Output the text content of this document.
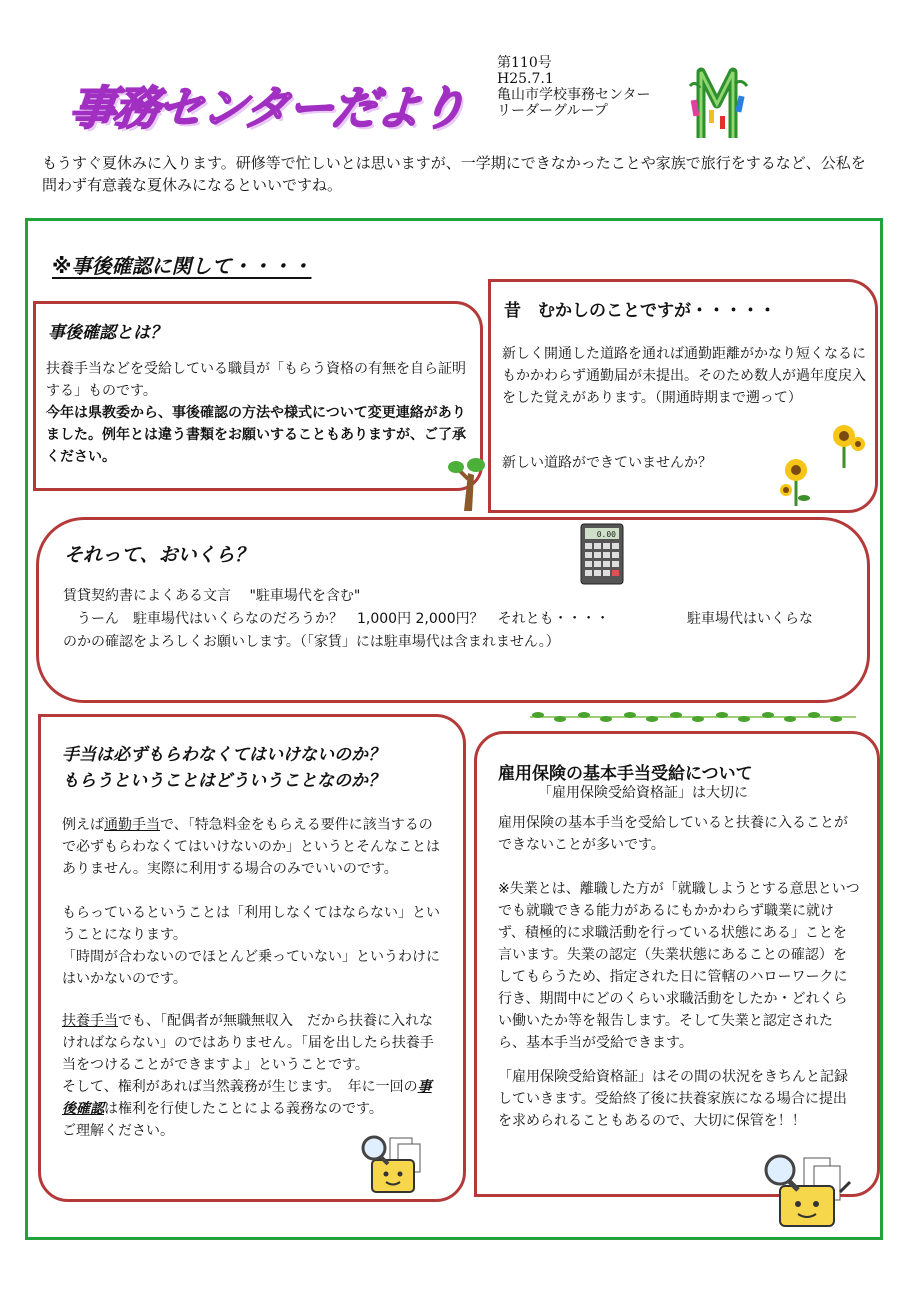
事務センターだより
第110号
H25.7.1
亀山市学校事務センター
リーダーグループ
もうすぐ夏休みに入ります。研修等で忙しいとは思いますが、一学期にできなかったことや家族で旅行をするなど、公私を問わず有意義な夏休みになるといいですね。
※事後確認に関して・・・・
事後確認とは？
扶養手当などを受給している職員が「もらう資格の有無を自ら証明する」ものです。
今年は県教委から、事後確認の方法や様式について変更連絡がありました。例年とは違う書類をお願いすることもありますが、ご了承ください。
昔　むかしのことですが・・・・・
新しく開通した道路を通れば通勤距離がかなり短くなるにもかかわらず通勤届が未提出。そのため数人が過年度戻入をした覚えがあります。（開通時期まで遡って）
新しい道路ができていませんか？
それって、おいくら？
0.00
賃貸契約書によくある文言　 "駐車場代を含む"
　うーん　駐車場代はいくらなのだろうか？　1,000円 2,000円？　それとも・・・・	駐車場代はいくらな
のかの確認をよろしくお願いします。（「家賃」には駐車場代は含まれません。）
手当は必ずもらわなくてはいけないのか？
もらうということはどういうことなのか？
例えば通勤手当で、「特急料金をもらえる要件に該当するので必ずもらわなくてはいけないのか」というとそんなことはありません。実際に利用する場合のみでいいのです。
もらっているということは「利用しなくてはならない」ということになります。
「時間が合わないのでほとんど乗っていない」というわけにはいかないのです。
扶養手当でも、「配偶者が無職無収入　だから扶養に入れなければならない」のではありません。「届を出したら扶養手当をつけることができますよ」ということです。
そして、権利があれば当然義務が生じます。　年に一回の事後確認は権利を行使したことによる義務なのです。
ご理解ください。
雇用保険の基本手当受給について
「雇用保険受給資格証」は大切に
雇用保険の基本手当を受給していると扶養に入ることができないことが多いです。
※失業とは、離職した方が「就職しようとする意思といつでも就職できる能力があるにもかかわらず職業に就けず、積極的に求職活動を行っている状態にある」ことを言います。失業の認定（失業状態にあることの確認）をしてもらうため、指定された日に管轄のハローワークに行き、期間中にどのくらい求職活動をしたか・どれくらい働いたか等を報告します。そして失業と認定されたら、基本手当が受給できます。
「雇用保険受給資格証」はその間の状況をきちんと記録していきます。受給終了後に扶養家族になる場合に提出を求められることもあるので、大切に保管を！！
